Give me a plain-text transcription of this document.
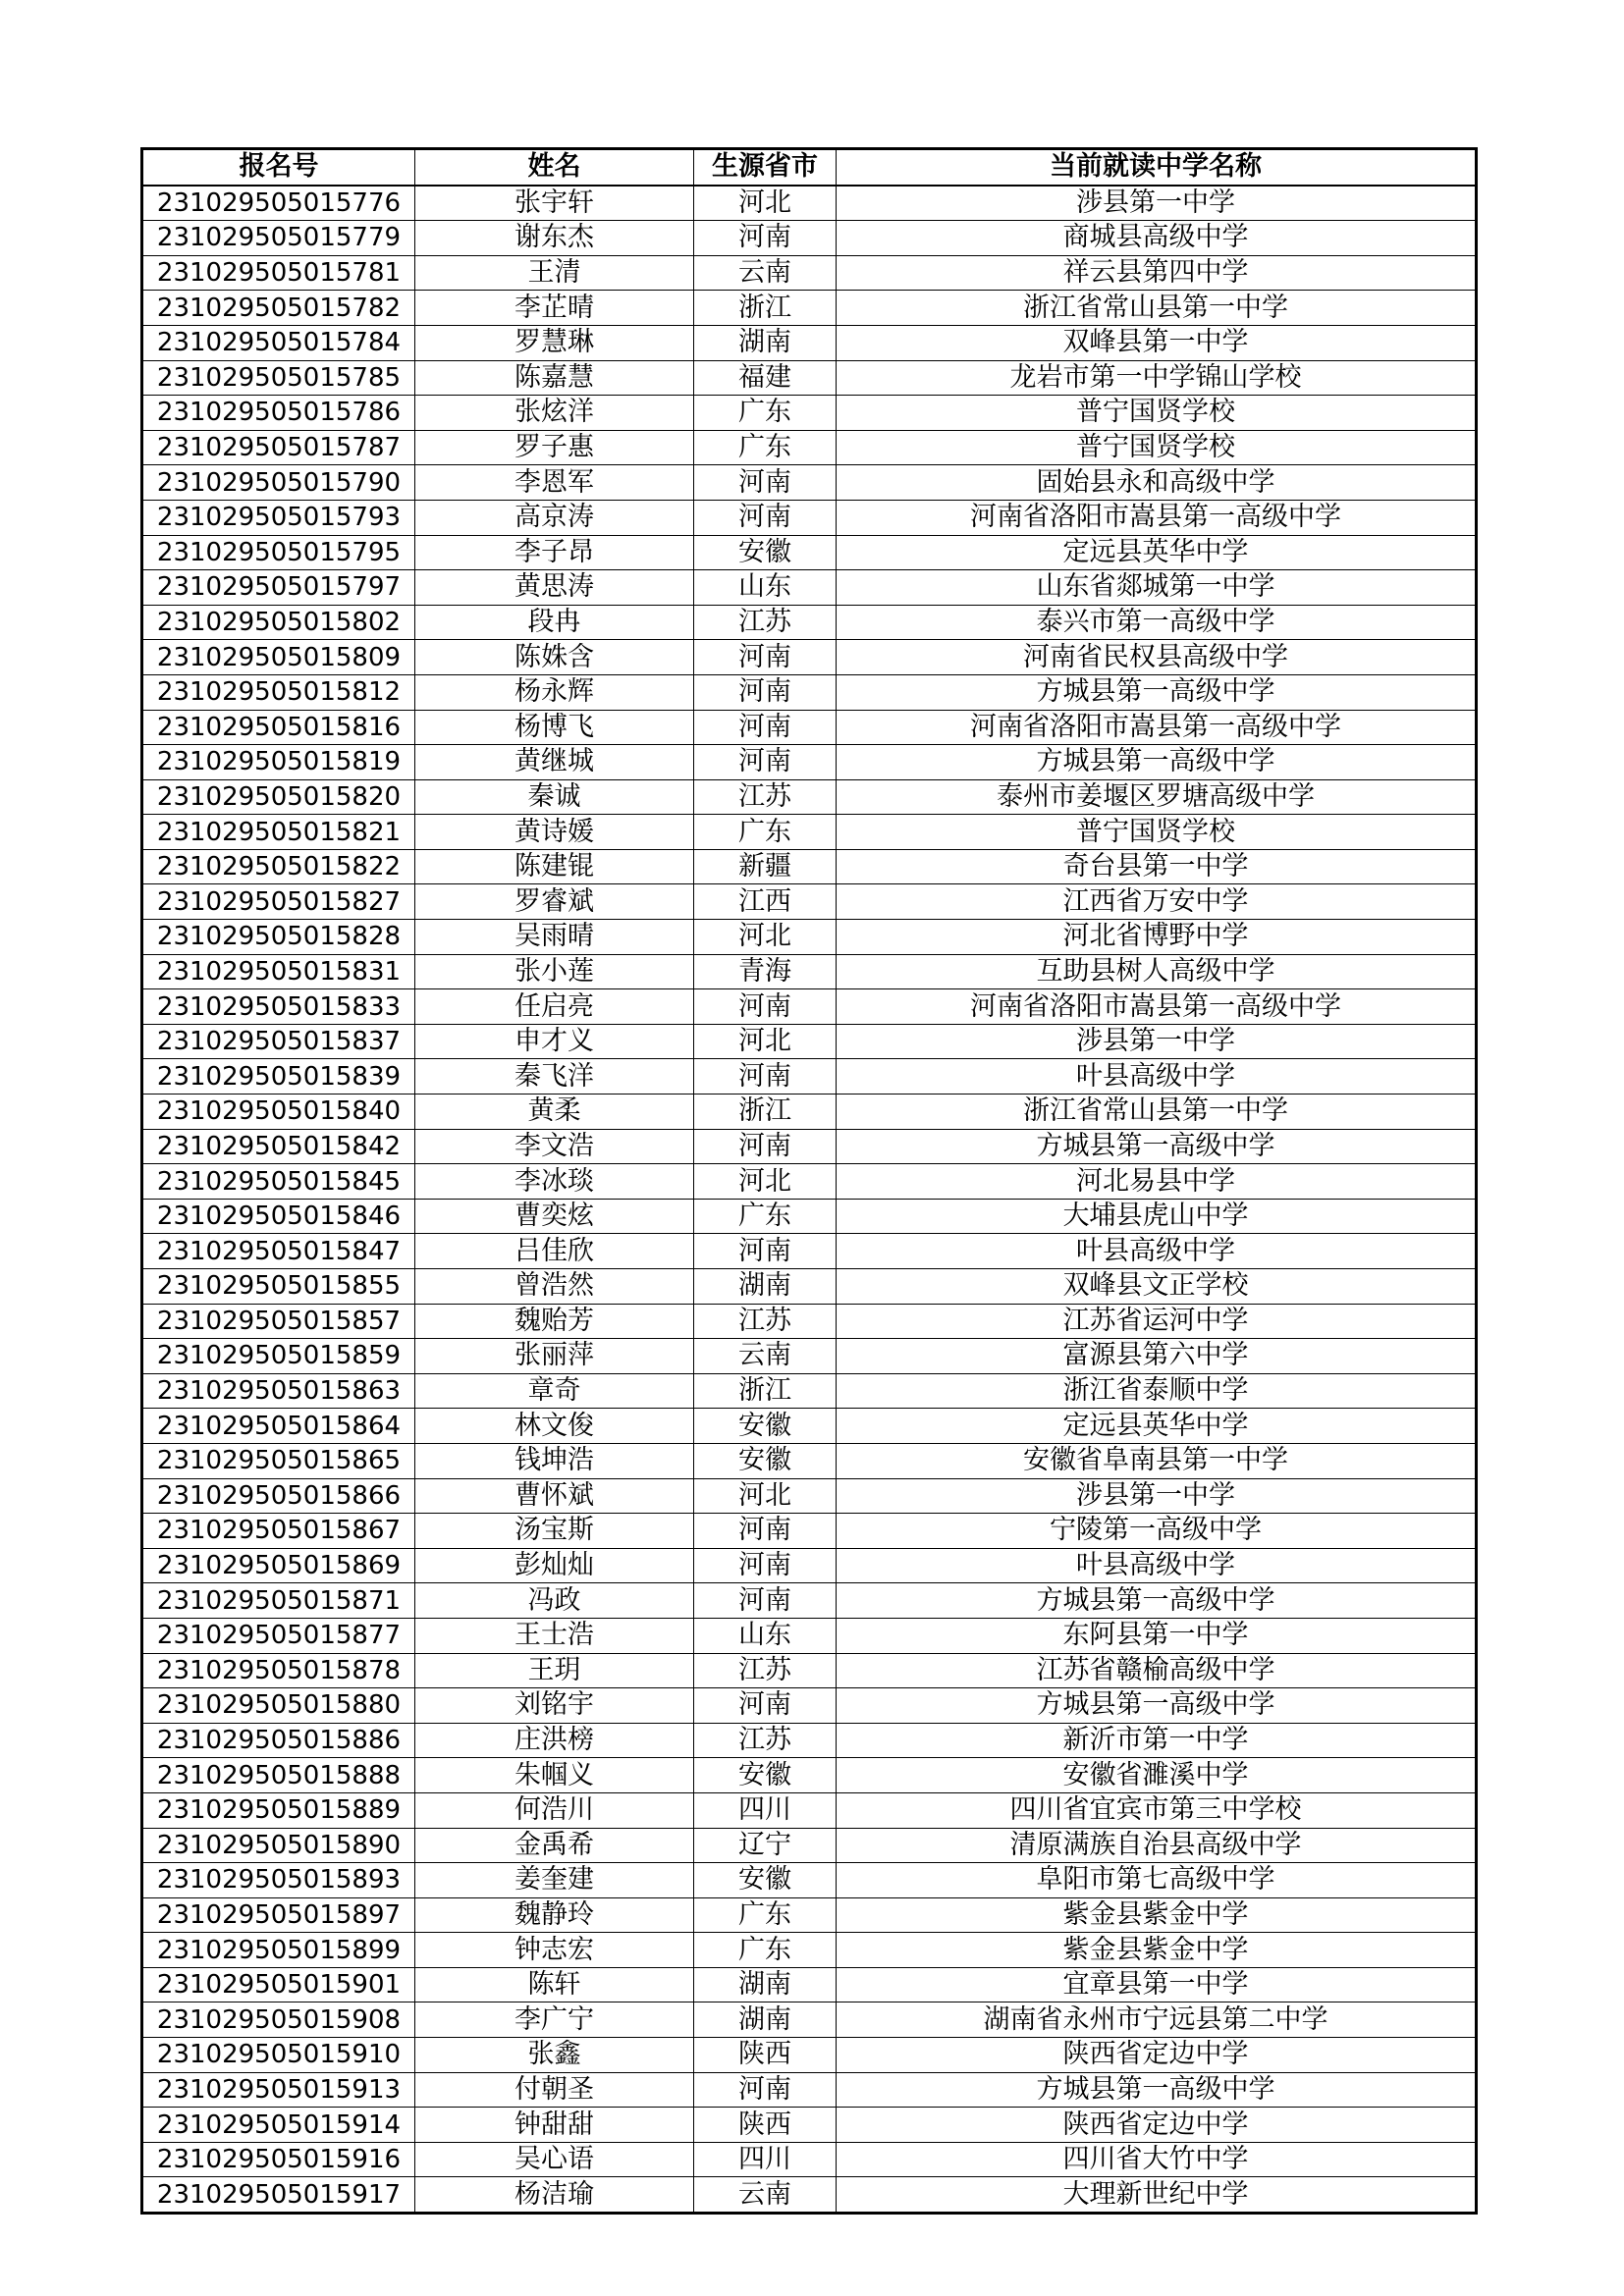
报名号	姓名	生源省市	当前就读中学名称
231029505015776	张宇轩	河北	涉县第一中学
231029505015779	谢东杰	河南	商城县高级中学
231029505015781	王清	云南	祥云县第四中学
231029505015782	李芷晴	浙江	浙江省常山县第一中学
231029505015784	罗慧琳	湖南	双峰县第一中学
231029505015785	陈嘉慧	福建	龙岩市第一中学锦山学校
231029505015786	张炫洋	广东	普宁国贤学校
231029505015787	罗子惠	广东	普宁国贤学校
231029505015790	李恩军	河南	固始县永和高级中学
231029505015793	高京涛	河南	河南省洛阳市嵩县第一高级中学
231029505015795	李子昂	安徽	定远县英华中学
231029505015797	黄思涛	山东	山东省郯城第一中学
231029505015802	段冉	江苏	泰兴市第一高级中学
231029505015809	陈姝含	河南	河南省民权县高级中学
231029505015812	杨永辉	河南	方城县第一高级中学
231029505015816	杨博飞	河南	河南省洛阳市嵩县第一高级中学
231029505015819	黄继城	河南	方城县第一高级中学
231029505015820	秦诚	江苏	泰州市姜堰区罗塘高级中学
231029505015821	黄诗媛	广东	普宁国贤学校
231029505015822	陈建锟	新疆	奇台县第一中学
231029505015827	罗睿斌	江西	江西省万安中学
231029505015828	吴雨晴	河北	河北省博野中学
231029505015831	张小莲	青海	互助县树人高级中学
231029505015833	任启亮	河南	河南省洛阳市嵩县第一高级中学
231029505015837	申才义	河北	涉县第一中学
231029505015839	秦飞洋	河南	叶县高级中学
231029505015840	黄柔	浙江	浙江省常山县第一中学
231029505015842	李文浩	河南	方城县第一高级中学
231029505015845	李冰琰	河北	河北易县中学
231029505015846	曹奕炫	广东	大埔县虎山中学
231029505015847	吕佳欣	河南	叶县高级中学
231029505015855	曾浩然	湖南	双峰县文正学校
231029505015857	魏贻芳	江苏	江苏省运河中学
231029505015859	张丽萍	云南	富源县第六中学
231029505015863	章奇	浙江	浙江省泰顺中学
231029505015864	林文俊	安徽	定远县英华中学
231029505015865	钱坤浩	安徽	安徽省阜南县第一中学
231029505015866	曹怀斌	河北	涉县第一中学
231029505015867	汤宝斯	河南	宁陵第一高级中学
231029505015869	彭灿灿	河南	叶县高级中学
231029505015871	冯政	河南	方城县第一高级中学
231029505015877	王士浩	山东	东阿县第一中学
231029505015878	王玥	江苏	江苏省赣榆高级中学
231029505015880	刘铭宇	河南	方城县第一高级中学
231029505015886	庄洪榜	江苏	新沂市第一中学
231029505015888	朱帼义	安徽	安徽省濉溪中学
231029505015889	何浩川	四川	四川省宜宾市第三中学校
231029505015890	金禹希	辽宁	清原满族自治县高级中学
231029505015893	姜奎建	安徽	阜阳市第七高级中学
231029505015897	魏静玲	广东	紫金县紫金中学
231029505015899	钟志宏	广东	紫金县紫金中学
231029505015901	陈轩	湖南	宜章县第一中学
231029505015908	李广宁	湖南	湖南省永州市宁远县第二中学
231029505015910	张鑫	陕西	陕西省定边中学
231029505015913	付朝圣	河南	方城县第一高级中学
231029505015914	钟甜甜	陕西	陕西省定边中学
231029505015916	吴心语	四川	四川省大竹中学
231029505015917	杨洁瑜	云南	大理新世纪中学
